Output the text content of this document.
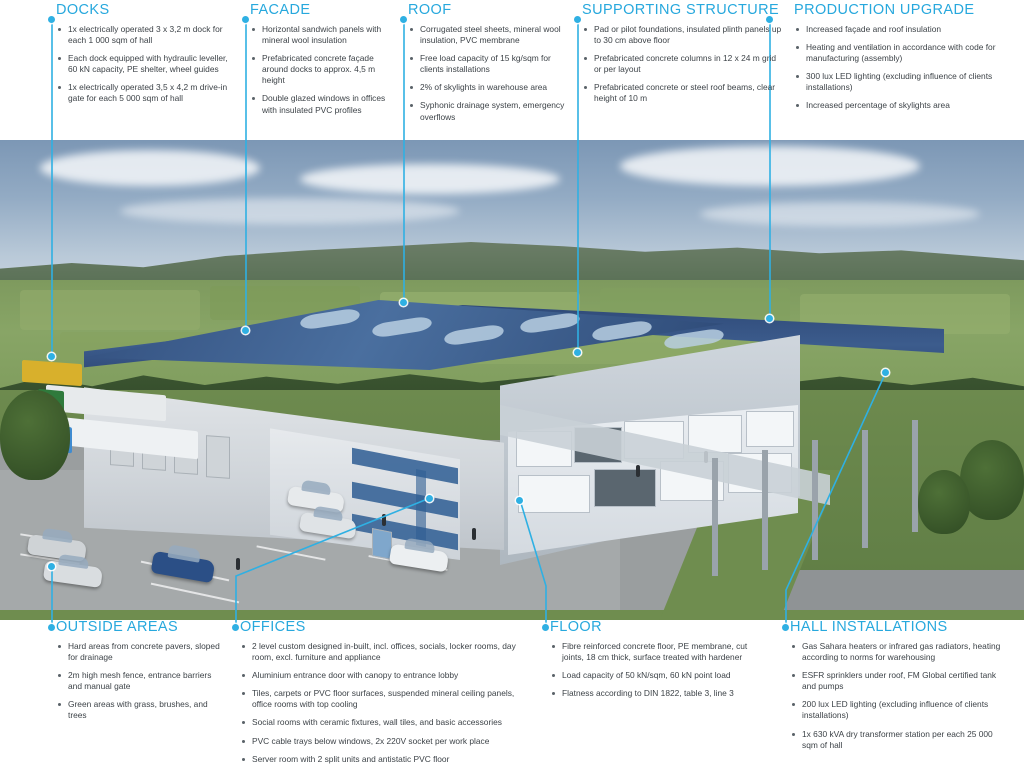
DOCKS
1x electrically operated 3 x 3,2 m dock for each 1 000 sqm of hall
Each dock equipped with hydraulic leveller, 60 kN capacity, PE shelter, wheel guides
1x electrically operated 3,5 x 4,2 m drive-in gate for each 5 000 sqm of hall
FACADE
Horizontal sandwich panels with mineral wool insulation
Prefabricated concrete façade around docks to approx. 4,5 m height
Double glazed windows in offices with insulated PVC profiles
ROOF
Corrugated steel sheets, mineral wool insulation, PVC membrane
Free load capacity of 15 kg/sqm for clients installations
2% of skylights in warehouse area
Syphonic drainage system, emergency overflows
SUPPORTING STRUCTURE
Pad or pilot foundations, insulated plinth panels up to 30 cm above floor
Prefabricated concrete columns in 12 x 24 m grid or per layout
Prefabricated concrete or steel roof beams, clear height of 10 m
PRODUCTION UPGRADE
Increased façade and roof insulation
Heating and ventilation in accordance with code for manufacturing (assembly)
300 lux LED lighting (excluding influence of clients installations)
Increased percentage of skylights area
OUTSIDE AREAS
Hard areas from concrete pavers, sloped for drainage
2m high mesh fence, entrance barriers and manual gate
Green areas with grass, brushes, and trees
OFFICES
2 level custom designed in-built, incl. offices, socials, locker rooms, day room, excl. furniture and appliance
Aluminium entrance door with canopy to entrance lobby
Tiles, carpets or PVC floor surfaces, suspended mineral ceiling panels, office rooms with top cooling
Social rooms with ceramic fixtures, wall tiles, and basic accessories
PVC cable trays below windows, 2x 220V socket per work place
Server room with 2 split units and antistatic PVC floor
FLOOR
Fibre reinforced concrete floor, PE membrane, cut joints, 18 cm thick, surface treated with hardener
Load capacity of 50 kN/sqm, 60 kN point load
Flatness according to DIN 1822, table 3, line 3
HALL INSTALLATIONS
Gas Sahara heaters or infrared gas radiators, heating according to norms for warehousing
ESFR sprinklers under roof, FM Global certified tank and pumps
200 lux LED lighting (excluding influence of clients installations)
1x 630 kVA dry transformer station per each 25 000 sqm of hall
